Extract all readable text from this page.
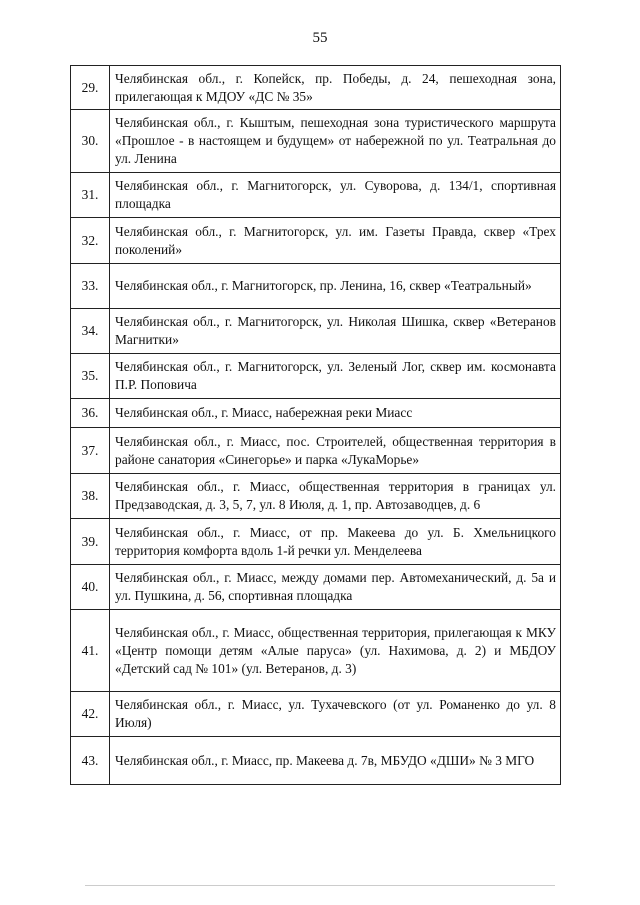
55
29.	Челябинская обл., г. Копейск, пр. Победы, д. 24, пешеходная зона, прилегающая к МДОУ «ДС № 35»
30.	Челябинская обл., г. Кыштым, пешеходная зона туристического маршрута «Прошлое - в настоящем и будущем» от набережной по ул. Театральная до ул. Ленина
31.	Челябинская обл., г. Магнитогорск, ул. Суворова, д. 134/1, спортивная площадка
32.	Челябинская обл., г. Магнитогорск, ул. им. Газеты Правда, сквер «Трех поколений»
33.	Челябинская обл., г. Магнитогорск, пр. Ленина, 16, сквер «Театральный»
34.	Челябинская обл., г. Магнитогорск, ул. Николая Шишка, сквер «Ветеранов Магнитки»
35.	Челябинская обл., г. Магнитогорск, ул. Зеленый Лог, сквер им. космонавта П.Р. Поповича
36.	Челябинская обл., г. Миасс, набережная реки Миасс
37.	Челябинская обл., г. Миасс, пос. Строителей, общественная территория в районе санатория «Синегорье» и парка «ЛукаМорье»
38.	Челябинская обл., г. Миасс, общественная территория в границах ул. Предзаводская, д. 3, 5, 7, ул. 8 Июля, д. 1, пр. Автозаводцев, д. 6
39.	Челябинская обл., г. Миасс, от пр. Макеева до ул. Б. Хмельницкого территория комфорта вдоль 1-й речки ул. Менделеева
40.	Челябинская обл., г. Миасс, между домами пер. Автомеханический, д. 5а и ул. Пушкина, д. 56, спортивная площадка
41.	Челябинская обл., г. Миасс, общественная территория, прилегающая к МКУ «Центр помощи детям «Алые паруса» (ул. Нахимова, д. 2) и МБДОУ «Детский сад № 101» (ул. Ветеранов, д. 3)
42.	Челябинская обл., г. Миасс, ул. Тухачевского (от ул. Романенко до ул. 8 Июля)
43.	Челябинская обл., г. Миасс, пр. Макеева д. 7в, МБУДО «ДШИ» № 3 МГО
